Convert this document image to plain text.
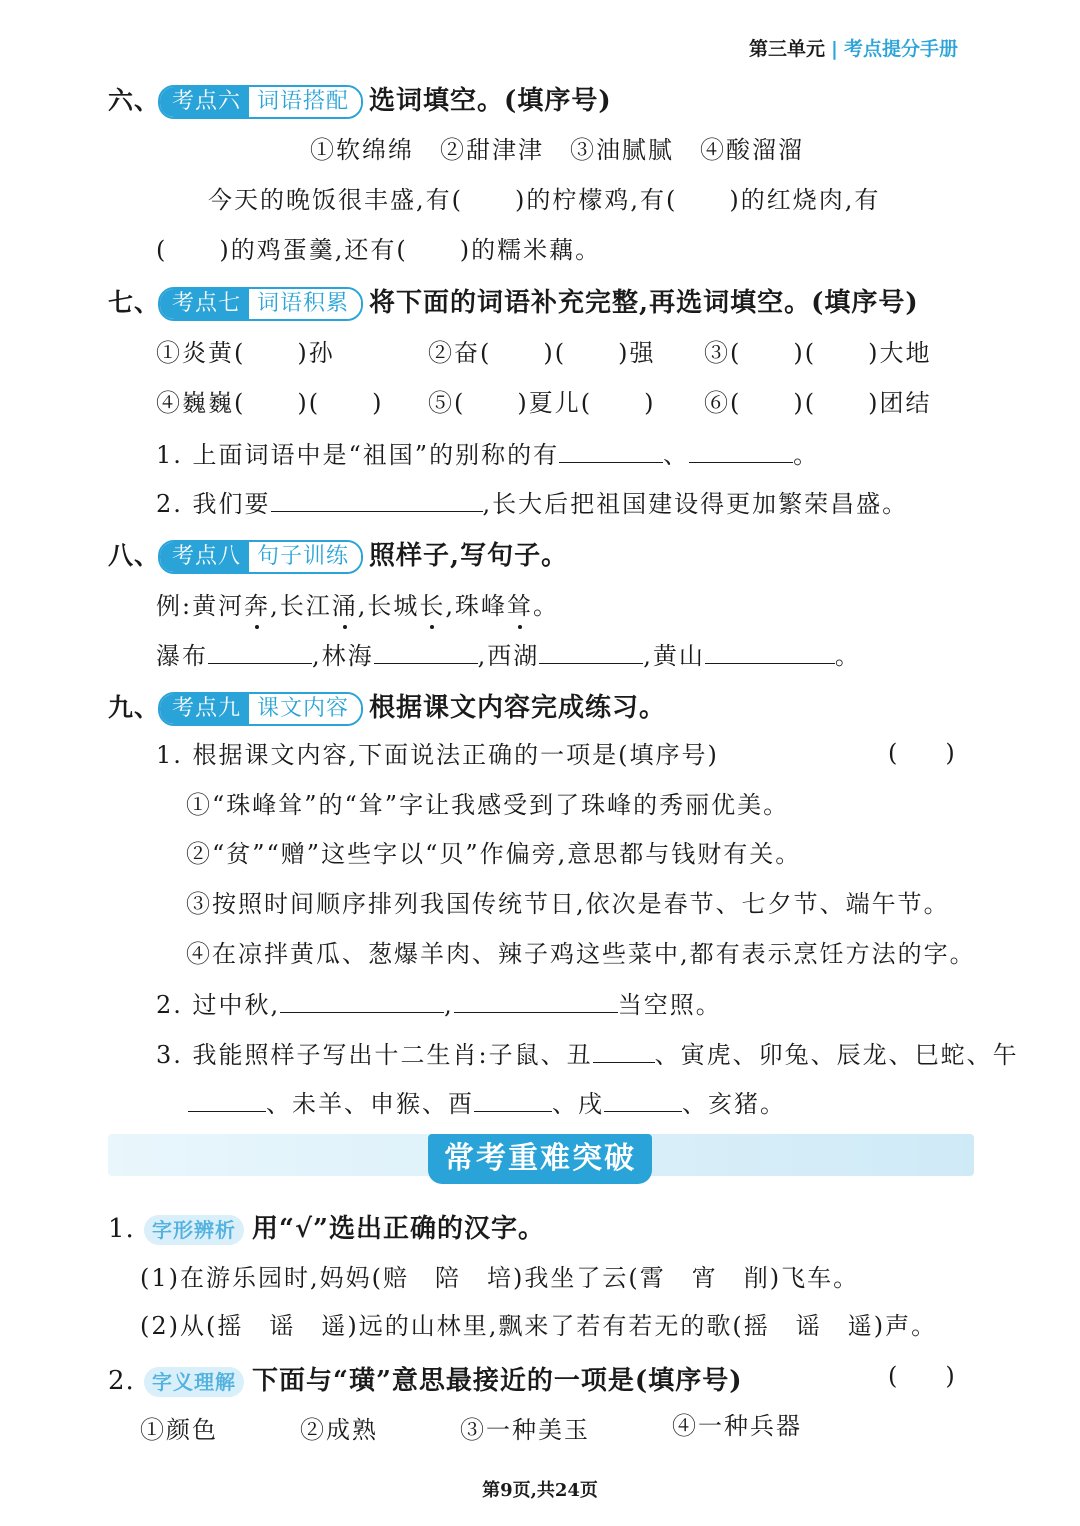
第三单元 | 考点提分手册
六、 考点六 词语搭配 选词填空。(填序号)
①软绵绵　②甜津津　③油腻腻　④酸溜溜
今天的晚饭很丰盛,有(　　)的柠檬鸡,有(　　)的红烧肉,有
(　　)的鸡蛋羹,还有(　　)的糯米藕。
七、 考点七 词语积累 将下面的词语补充完整,再选词填空。(填序号)
①炎黄(　　)孙	②奋(　　)(　　)强 ③(　　)(　　)大地
④巍巍(　　)(　　) ⑤(　　)夏儿(　　) ⑥(　　)(　　)团结
1. 上面词语中是“祖国”的别称的有	、	。
2. 我们要	,长大后把祖国建设得更加繁荣昌盛。
八、 考点八 句子训练 照样子,写句子。
例:黄河奔,长江涌,长城长,珠峰耸。
瀑布	,林海	,西湖	,黄山	。
九、 考点九 课文内容 根据课文内容完成练习。
1. 根据课文内容,下面说法正确的一项是(填序号)	(　　)
①“珠峰耸”的“耸”字让我感受到了珠峰的秀丽优美。
②“贫”“赠”这些字以“贝”作偏旁,意思都与钱财有关。
③按照时间顺序排列我国传统节日,依次是春节、七夕节、端午节。
④在凉拌黄瓜、葱爆羊肉、辣子鸡这些菜中,都有表示烹饪方法的字。
2. 过中秋,	,	当空照。
3. 我能照样子写出十二生肖:子鼠、丑	、寅虎、卯兔、辰龙、巳蛇、午
、未羊、申猴、酉	、戌	、亥猪。
常考重难突破
1. 字形辨析 用“√”选出正确的汉字。
(1)在游乐园时,妈妈(赔　陪　培)我坐了云(霄　宵　削)飞车。
(2)从(摇　谣　遥)远的山林里,飘来了若有若无的歌(摇　谣　遥)声。
2. 字义理解 下面与“璜”意思最接近的一项是(填序号)	(　　)
①颜色	②成熟	③一种美玉	④一种兵器
第9页,共24页
